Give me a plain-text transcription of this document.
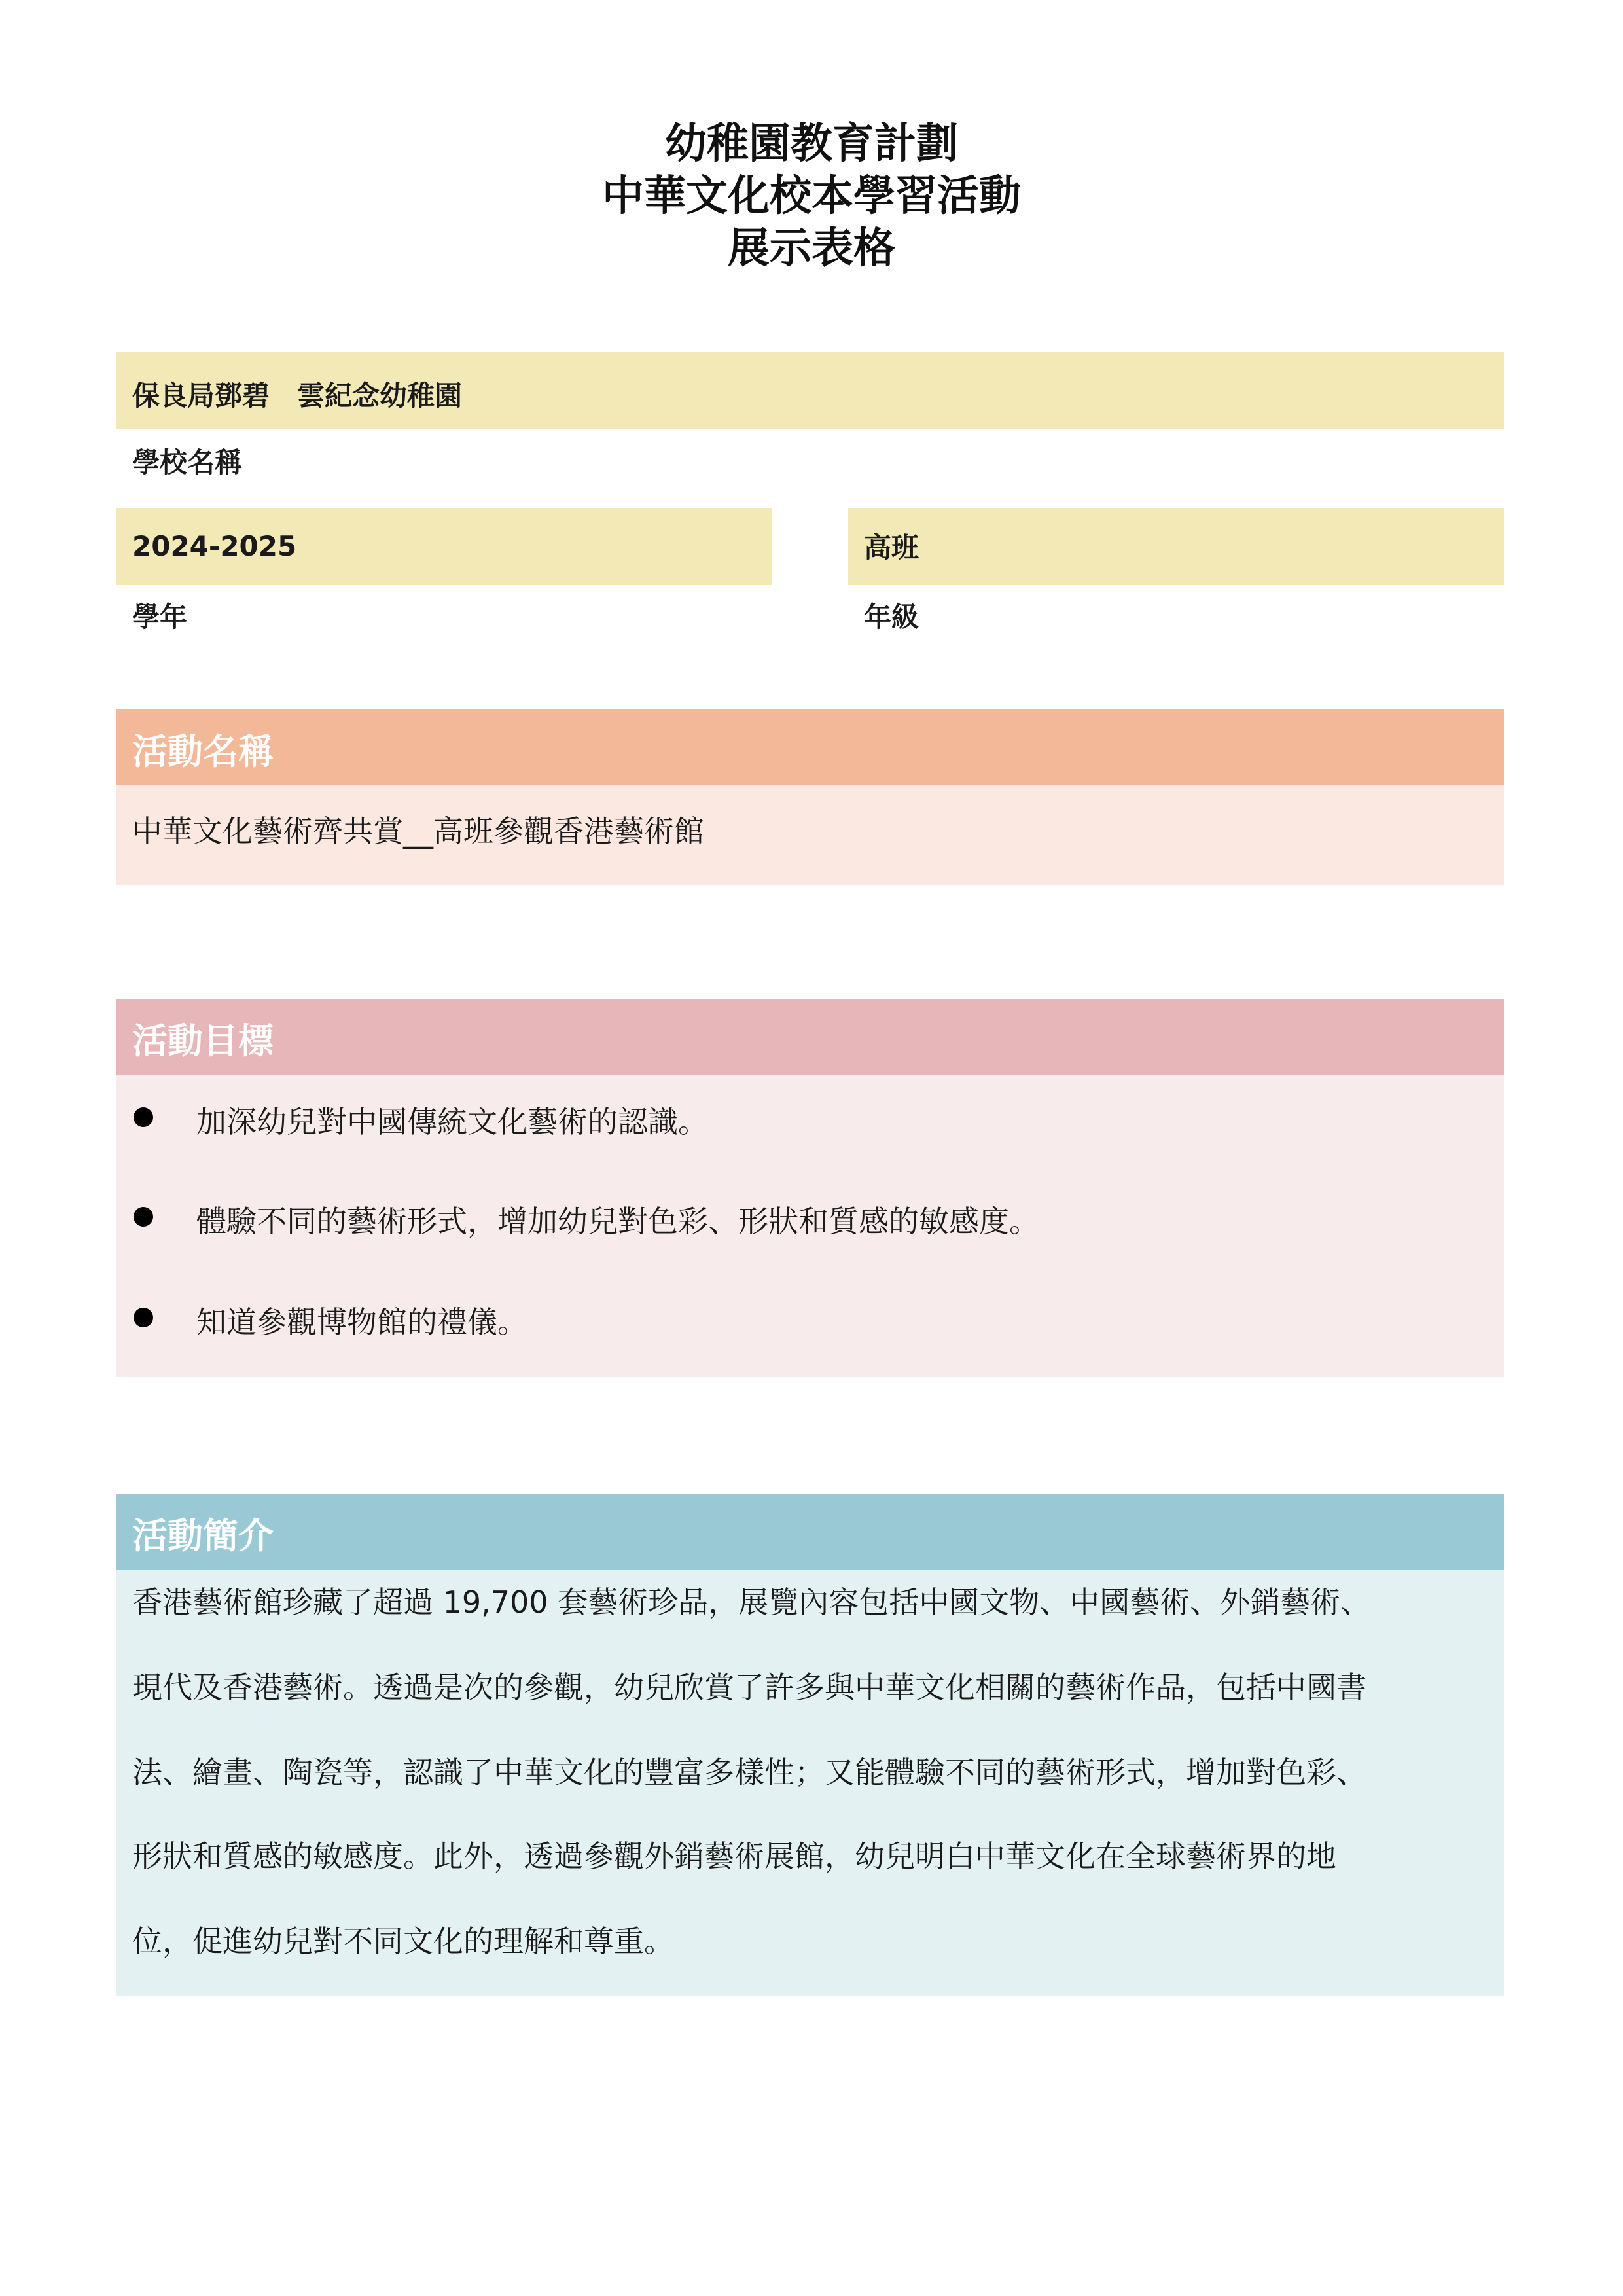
幼稚園教育計劃
中華文化校本學習活動
展示表格
保良局鄧碧　雲紀念幼稚園
學校名稱
2024-2025
學年
高班
年級
活動名稱
中華文化藝術齊共賞__高班參觀香港藝術館
活動目標
加深幼兒對中國傳統文化藝術的認識。
體驗不同的藝術形式，增加幼兒對色彩、形狀和質感的敏感度。
知道參觀博物館的禮儀。
活動簡介
香港藝術館珍藏了超過 19,700 套藝術珍品，展覽內容包括中國文物、中國藝術、外銷藝術、
現代及香港藝術。透過是次的參觀，幼兒欣賞了許多與中華文化相關的藝術作品，包括中國書
法、繪畫、陶瓷等，認識了中華文化的豐富多樣性；又能體驗不同的藝術形式，增加對色彩、
形狀和質感的敏感度。此外，透過參觀外銷藝術展館，幼兒明白中華文化在全球藝術界的地
位，促進幼兒對不同文化的理解和尊重。
